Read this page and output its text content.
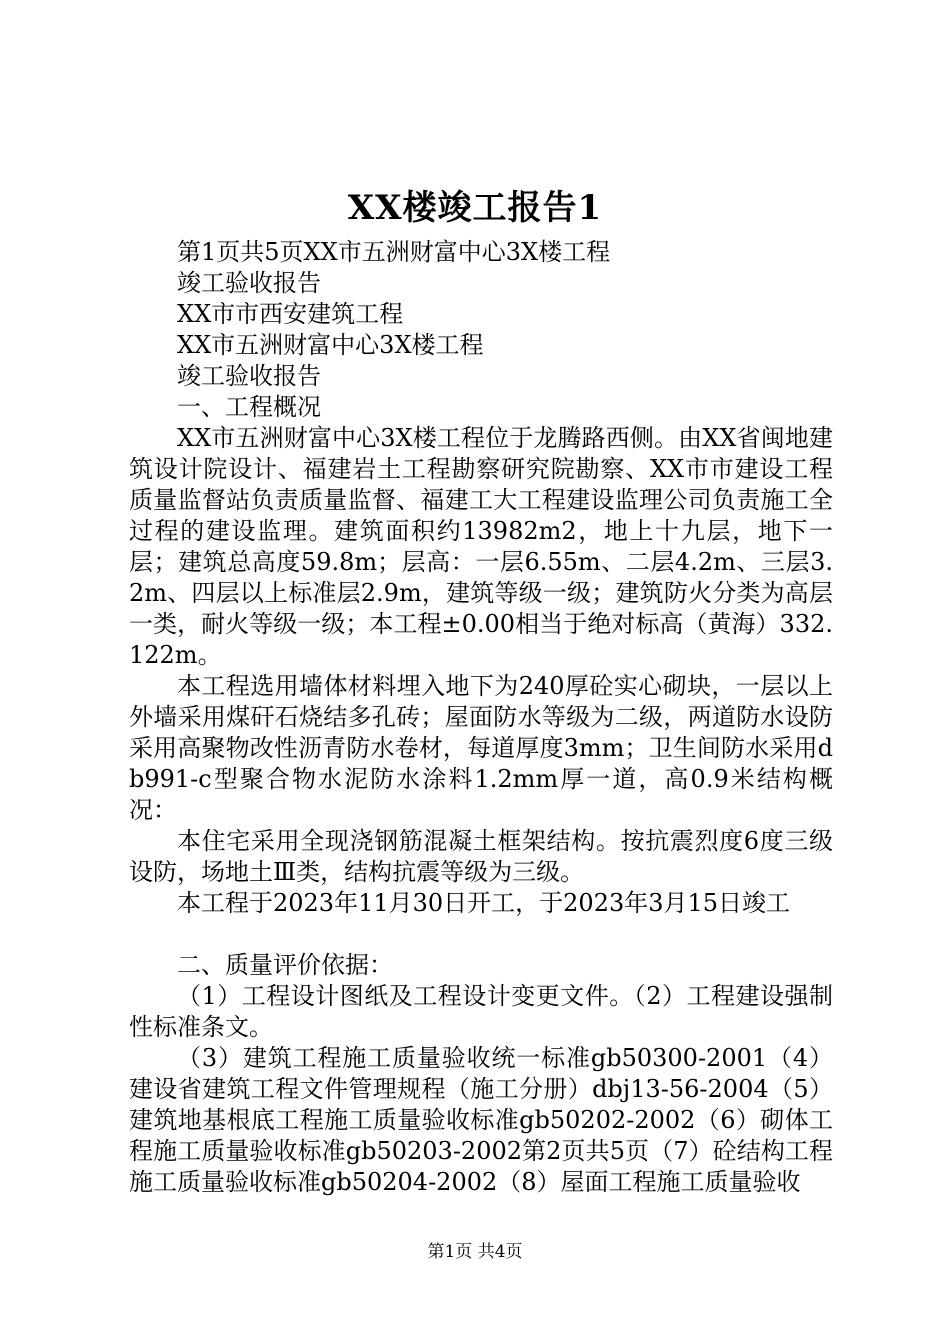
XX楼竣工报告1

第1页共5页XX市五洲财富中心3X楼工程

竣工验收报告

XX市市西安建筑工程

XX市五洲财富中心3X楼工程

竣工验收报告

一、工程概况

XX市五洲财富中心3X楼工程位于龙腾路西侧。由XX省闽地建筑设计院设计、福建岩土工程勘察研究院勘察、XX市市建设工程质量监督站负责质量监督、福建工大工程建设监理公司负责施工全过程的建设监理。建筑面积约13982m2，地上十九层，地下一层；建筑总高度59.8m；层高：一层6.55m、二层4.2m、三层3.2m、四层以上标准层2.9m，建筑等级一级；建筑防火分类为高层一类，耐火等级一级；本工程±0.00相当于绝对标高（黄海）332.122m。

本工程选用墙体材料埋入地下为240厚砼实心砌块，一层以上外墙采用煤矸石烧结多孔砖；屋面防水等级为二级，两道防水设防采用高聚物改性沥青防水卷材，每道厚度3mm；卫生间防水采用db991-c型聚合物水泥防水涂料1.2mm厚一道，高0.9米结构概况：

本住宅采用全现浇钢筋混凝土框架结构。按抗震烈度6度三级设防，场地土Ⅲ类，结构抗震等级为三级。

本工程于2023年11月30日开工，于2023年3月15日竣工

二、质量评价依据：

（1）工程设计图纸及工程设计变更文件。（2）工程建设强制性标准条文。

（3）建筑工程施工质量验收统一标准gb50300-2001（4）建设省建筑工程文件管理规程（施工分册）dbj13-56-2004（5）建筑地基根底工程施工质量验收标准gb50202-2002（6）砌体工程施工质量验收标准gb50203-2002第2页共5页（7）砼结构工程施工质量验收标准gb50204-2002（8）屋面工程施工质量验收

第1页 共4页
